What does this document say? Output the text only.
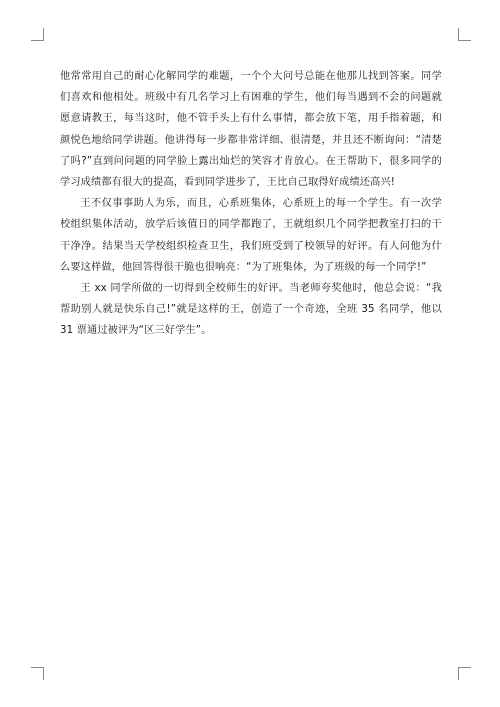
他常常用自己的耐心化解同学的难题，一个个大问号总能在他那儿找到答案。同学们喜欢和他相处。班级中有几名学习上有困难的学生，他们每当遇到不会的问题就愿意请教王，每当这时，他不管手头上有什么事情，都会放下笔，用手指着题，和颜悦色地给同学讲题。他讲得每一步都非常详细、很清楚，并且还不断询问：“清楚了吗?”直到问问题的同学脸上露出灿烂的笑容才肯放心。在王帮助下，很多同学的学习成绩都有很大的提高，看到同学进步了，王比自己取得好成绩还高兴!

王不仅事事助人为乐，而且，心系班集体，心系班上的每一个学生。有一次学校组织集体活动，放学后该值日的同学都跑了，王就组织几个同学把教室打扫的干干净净。结果当天学校组织检查卫生，我们班受到了校领导的好评。有人问他为什么要这样做，他回答得很干脆也很响亮：“为了班集体，为了班级的每一个同学!”

王 xx 同学所做的一切得到全校师生的好评。当老师夸奖他时，他总会说：“我帮助别人就是快乐自己!”就是这样的王，创造了一个奇迹，全班 35 名同学，他以 31 票通过被评为“区三好学生”。
